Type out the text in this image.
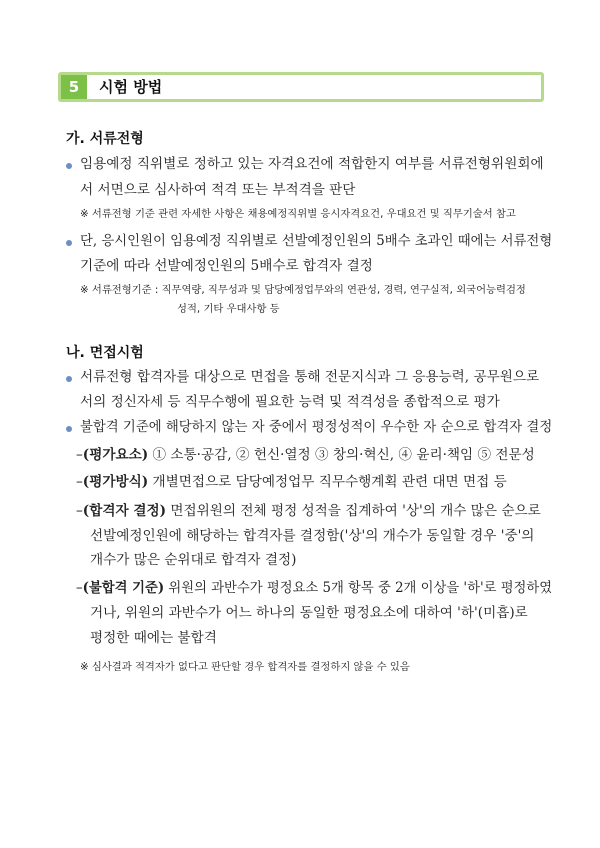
5	시험 방법
가. 서류전형
임용예정 직위별로 정하고 있는 자격요건에 적합한지 여부를 서류전형위원회에
서 서면으로 심사하여 적격 또는 부적격을 판단
※ 서류전형 기준 관련 자세한 사항은 채용예정직위별 응시자격요건, 우대요건 및 직무기술서 참고
단, 응시인원이 임용예정 직위별로 선발예정인원의 5배수 초과인 때에는 서류전형
기준에 따라 선발예정인원의 5배수로 합격자 결정
※ 서류전형기준 : 직무역량, 직무성과 및 담당예정업무와의 연관성, 경력, 연구실적, 외국어능력검정
성적, 기타 우대사항 등
나. 면접시험
서류전형 합격자를 대상으로 면접을 통해 전문지식과 그 응용능력, 공무원으로
서의 정신자세 등 직무수행에 필요한 능력 및 적격성을 종합적으로 평가
불합격 기준에 해당하지 않는 자 중에서 평정성적이 우수한 자 순으로 합격자 결정
–(평가요소) ① 소통·공감, ② 헌신·열정 ③ 창의·혁신, ④ 윤리·책임 ⑤ 전문성
–(평가방식) 개별면접으로 담당예정업무 직무수행계획 관련 대면 면접 등
–(합격자 결정) 면접위원의 전체 평정 성적을 집계하여 '상'의 개수 많은 순으로
선발예정인원에 해당하는 합격자를 결정함('상'의 개수가 동일할 경우 '중'의
개수가 많은 순위대로 합격자 결정)
–(불합격 기준) 위원의 과반수가 평정요소 5개 항목 중 2개 이상을 '하'로 평정하였
거나, 위원의 과반수가 어느 하나의 동일한 평정요소에 대하여 '하'(미흡)로
평정한 때에는 불합격
※ 심사결과 적격자가 없다고 판단할 경우 합격자를 결정하지 않을 수 있음
